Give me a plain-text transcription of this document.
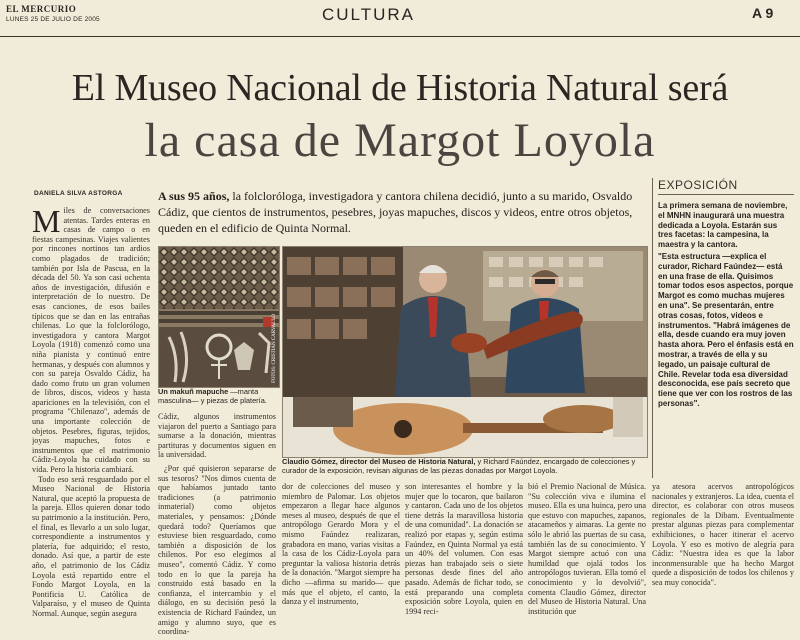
EL MERCURIO
LUNES 25 DE JULIO DE 2005	CULTURA	A 9
El Museo Nacional de Historia Natural será
la casa de Margot Loyola
DANIELA SILVA ASTORGA
M iles de conversaciones atentas. Tardes enteras en casas de campo o en fiestas campesinas. Viajes valientes por rincones nortinos tan ardios como plagados de tradición; también por Isla de Pascua, en la década del 50. Ya son casi ochenta años de investigación, difusión e interpretación de lo nuestro. De esas canciones, de esos bailes típicos que se dan en las entrañas chilenas. Lo que la folclorólogo, investigadora y cantora Margot Loyola (1918) comenzó como una niña pianista y continuó entre hermanas, y después con alumnos y con su pareja Osvaldo Cádiz, ha dado como fruto un gran volumen de libros, discos, videos y hasta apariciones en la televisión, con el programa "Chilenazo", además de una importante colección de objetos. Pesebres, figuras, tejidos, joyas mapuches, fotos e instrumentos que el matrimonio Cádiz-Loyola ha cuidado con su vida. Pero la historia cambiará.

Todo eso será resguardado por el Museo Nacional de Historia Natural, que aceptó la propuesta de la pareja. Ellos quieren donar todo su patrimonio a la institución. Pero, el final, es llevarlo a un solo lugar, correspondiente a instrumentos y platería, fue adquirido; el resto, donado. Así que, a partir de este año, el patrimonio de los Cádiz Loyola está repartido entre el Fondo Margot Loyola, en la Pontificia U. Católica de Valparaíso, y el museo de Quinta Normal. Aunque, según asegura

A sus 95 años, la folcloróloga, investigadora y cantora chilena decidió, junto a su marido, Osvaldo Cádiz, que cientos de instrumentos, pesebres, joyas mapuches, discos y videos, entre otros objetos, queden en el edificio de Quinta Normal.
FOTOS: CRISTIÁN CARVALLO
Un makuñ mapuche —manta masculina— y piezas de platería.

Cádiz, algunos instrumentos viajaron del puerto a Santiago para sumarse a la donación, mientras partituras y documentos siguen en la universidad.

Claudio Gómez, director del Museo de Historia Natural, y Richard Faúndez, encargado de colecciones y curador de la exposición, revisan algunas de las piezas donadas por Margot Loyola.

¿Por qué quisieron separarse de sus tesoros? "Nos dimos cuenta de que habíamos juntado tanto tradiciones (a patrimonio inmaterial) como objetos materiales, y pensamos: ¿Dónde quedará todo? Queríamos que estuviese bien resguardado, como también a disposición de los chilenos. Por eso elegimos al museo", comentó Cádiz. Y como todo en lo que la pareja ha construido está basado en la confianza, el intercambio y el diálogo, en su decisión pesó la existencia de Richard Faúndez, un amigo y alumno suyo, que es coordina-

dor de colecciones del museo y miembro de Palomar. Los objetos empezaron a llegar hace algunos meses al museo, después de que el antropólogo Gerardo Mora y el mismo Faúndez realizaran, grabadora en mano, varias visitas a la casa de los Cádiz-Loyola para preguntar la valiosa historia detrás de la donación. "Margot siempre ha dicho —afirma su marido— que más que el objeto, el canto, la danza y el instrumento,

son interesantes el hombre y la mujer que lo tocaron, que bailaron y cantaron. Cada uno de los objetos tiene detrás la maravillosa historia de una comunidad". La donación se realizó por etapas y, según estima Faúndez, en Quinta Normal ya está un 40% del volumen. Con esas piezas han trabajado seis o siete personas desde fines del año pasado. Además de fichar todo, se está preparando una completa exposición sobre Loyola, quien en 1994 reci-

bió el Premio Nacional de Música. "Su colección viva e ilumina el museo. Ella es una huinca, pero una que estuvo con mapuches, zapanos, atacameños y aimaras. La gente no sólo le abrió las puertas de su casa, también las de su conocimiento. Y Margot siempre actuó con una humildad que ojalá todos los antropólogos tuvieran. Ella tomó el conocimiento y lo devolvió", comenta Claudio Gómez, director del Museo de Historia Natural. Una institución que

ya atesora acervos antropológicos nacionales y extranjeros. La idea, cuenta el director, es colaborar con otros museos regionales de la Dibam. Eventualmente prestar algunas piezas para complementar exhibiciones, o hacer itinerar el acervo Loyola. Y eso es motivo de alegría para Cádiz: "Nuestra idea es que la labor inconmensurable que ha hecho Margot quede a disposición de todos los chilenos y sea muy conocida".

EXPOSICIÓN

La primera semana de noviembre, el MNHN inaugurará una muestra dedicada a Loyola. Estarán sus tres facetas: la campesina, la maestra y la cantora.

"Esta estructura —explica el curador, Richard Faúndez— está en una frase de ella. Quisimos tomar todos esos aspectos, porque Margot es como muchas mujeres en una". Se presentarán, entre otras cosas, fotos, videos e instrumentos. "Habrá imágenes de ella, desde cuando era muy joven hasta ahora. Pero el énfasis está en mostrar, a través de ella y su legado, un paisaje cultural de Chile. Revelar toda esa diversidad desconocida, ese país secreto que tiene que ver con los rostros de las personas".
